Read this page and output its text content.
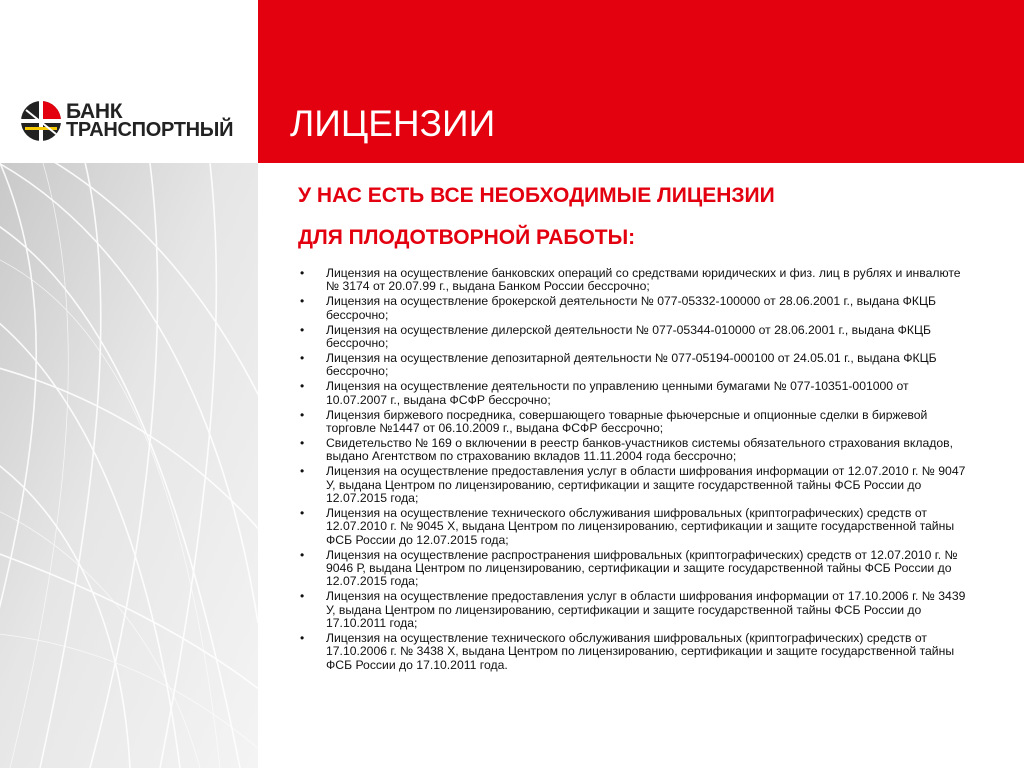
БАНК
ТРАНСПОРТНЫЙ ЛИЦЕНЗИИ
У НАС ЕСТЬ ВСЕ НЕОБХОДИМЫЕ ЛИЦЕНЗИИ
ДЛЯ ПЛОДОТВОРНОЙ РАБОТЫ:
• Лицензия на осуществление банковских операций со средствами юридических и физ. лиц в рублях и инвалюте № 3174 от 20.07.99 г., выдана Банком России бессрочно;
• Лицензия на осуществление брокерской деятельности № 077-05332-100000 от 28.06.2001 г., выдана ФКЦБ бессрочно;
• Лицензия на осуществление дилерской деятельности № 077-05344-010000 от 28.06.2001 г., выдана ФКЦБ бессрочно;
• Лицензия на осуществление депозитарной деятельности № 077-05194-000100 от 24.05.01 г., выдана ФКЦБ бессрочно;
• Лицензия на осуществление деятельности по управлению ценными бумагами № 077-10351-001000 от 10.07.2007 г., выдана ФСФР бессрочно;
• Лицензия биржевого посредника, совершающего товарные фьючерсные и опционные сделки в биржевой торговле №1447 от 06.10.2009 г., выдана ФСФР бессрочно;
• Свидетельство № 169 о включении в реестр банков-участников системы обязательного страхования вкладов, выдано Агентством по страхованию вкладов 11.11.2004 года бессрочно;
• Лицензия на осуществление предоставления услуг в области шифрования информации от 12.07.2010 г. № 9047 У, выдана Центром по лицензированию, сертификации и защите государственной тайны ФСБ России до 12.07.2015 года;
• Лицензия на осуществление технического обслуживания шифровальных (криптографических) средств от 12.07.2010 г. № 9045 Х, выдана Центром по лицензированию, сертификации и защите государственной тайны ФСБ России до 12.07.2015 года;
• Лицензия на осуществление распространения шифровальных (криптографических) средств от 12.07.2010 г. № 9046 Р, выдана Центром по лицензированию, сертификации и защите государственной тайны ФСБ России до 12.07.2015 года;
• Лицензия на осуществление предоставления услуг в области шифрования информации от 17.10.2006 г. № 3439 У, выдана Центром по лицензированию, сертификации и защите государственной тайны ФСБ России до 17.10.2011 года;
• Лицензия на осуществление технического обслуживания шифровальных (криптографических) средств от 17.10.2006 г. № 3438 Х, выдана Центром по лицензированию, сертификации и защите государственной тайны ФСБ России до 17.10.2011 года.
